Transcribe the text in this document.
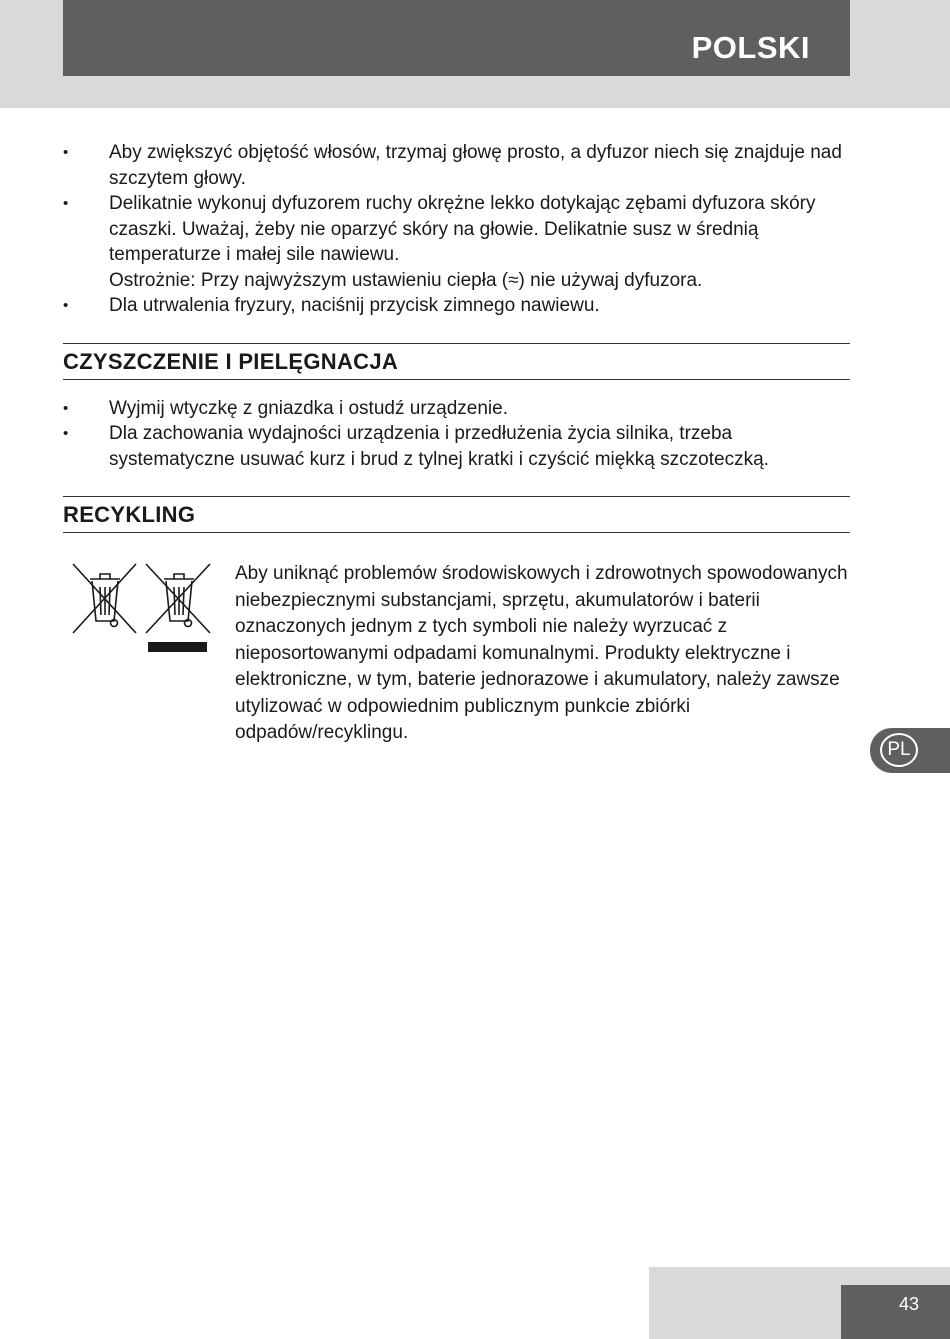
POLSKI
• Aby zwiększyć objętość włosów, trzymaj głowę prosto, a dyfuzor niech się znajduje nad szczytem głowy.
• Delikatnie wykonuj dyfuzorem ruchy okrężne lekko dotykając zębami dyfuzora skóry czaszki. Uważaj, żeby nie oparzyć skóry na głowie. Delikatnie susz w średnią temperaturze i małej sile nawiewu.
Ostrożnie: Przy najwyższym ustawieniu ciepła (≈) nie używaj dyfuzora.
• Dla utrwalenia fryzury, naciśnij przycisk zimnego nawiewu.
CZYSZCZENIE I PIELĘGNACJA
• Wyjmij wtyczkę z gniazdka i ostudź urządzenie.
• Dla zachowania wydajności urządzenia i przedłużenia życia silnika, trzeba systematyczne usuwać kurz i brud z tylnej kratki i czyścić miękką szczoteczką.
RECYKLING
Aby uniknąć problemów środowiskowych i zdrowotnych spowodowanych niebezpiecznymi substancjami, sprzętu, akumulatorów i baterii oznaczonych jednym z tych symboli nie należy wyrzucać z nieposortowanymi odpadami komunalnymi. Produkty elektryczne i elektroniczne, w tym, baterie jednorazowe i akumulatory, należy zawsze utylizować w odpowiednim publicznym punkcie zbiórki odpadów/recyklingu.
PL
43
